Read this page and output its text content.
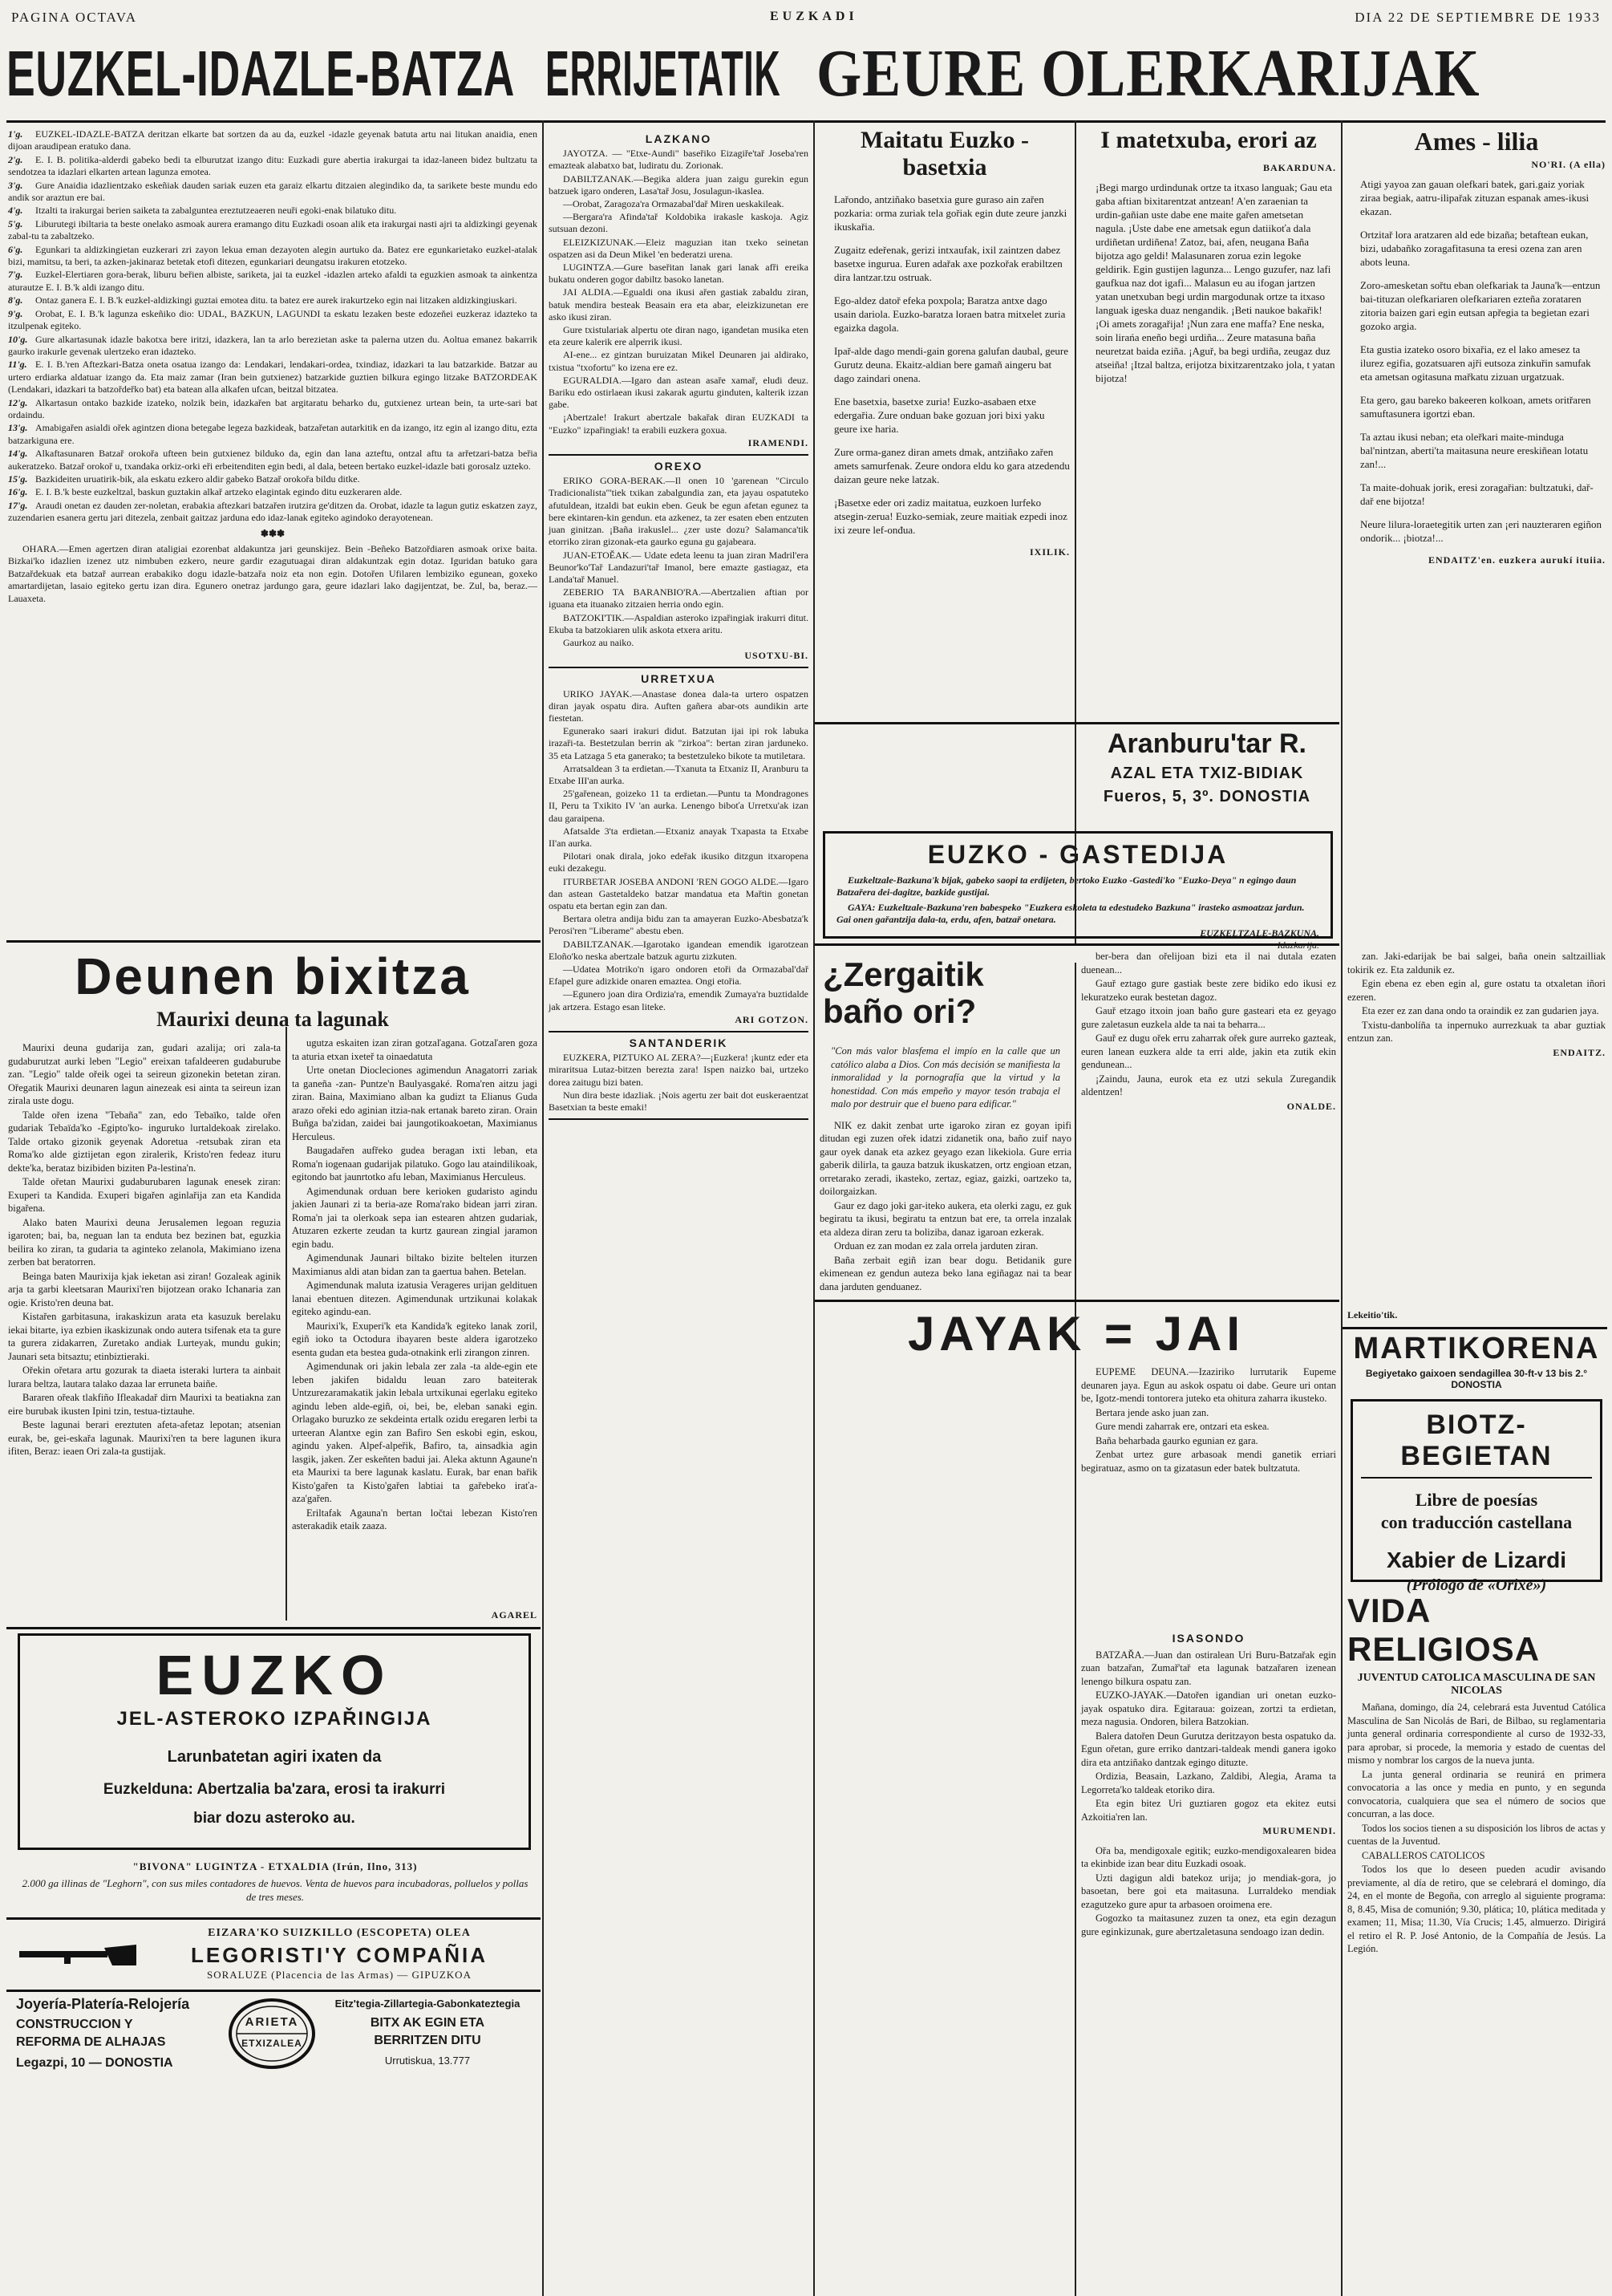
PAGINA OCTAVA	EUZKADI	DIA 22 DE SEPTIEMBRE DE 1933
EUZKEL-IDAZLE-BATZA ERRIJETATIK GEURE OLERKARIJAK

1'g. EUZKEL-IDAZLE-BATZA deritzan elkarte bat sortzen da au da, euzkel -idazle geyenak batuta artu nai litukan anaidia, enen dijoan araudipean eratuko dana.

2'g. E. I. B. politika-alderdi gabeko bedi ta elburutzat izango ditu: Euzkadi gure abertia irakurgai ta idaz-laneen bidez bultzatu ta sendotzea ta idazlari elkarten artean lagunza emotea.

3'g. Gure Anaidia idazlientzako eskeñiak dauden sariak euzen eta garaiz elkartu ditzaien alegindiko da, ta sarikete beste mundu edo andik sor araztun ere bai.

4'g. Itzalti ta irakurgai berien saiketa ta zabalguntea ereztutzeaeren neuři egoki-enak bilatuko ditu.

5'g. Liburutegi ibiltaria ta beste onelako asmoak aurera eramango ditu Euzkadi osoan alik eta irakurgai nasti ajri ta aldizkingi geyenak zabal-tu ta zabaltzeko.

6'g. Egunkari ta aldizkingietan euzkerari zri zayon lekua eman dezayoten alegin aurtuko da. Batez ere egunkarietako euzkel-atalak bizi, mamitsu, ta beri, ta azken-jakinaraz betetak etofi ditezen, egunkariari deungatsu irakuren etotzeko.

7'g. Euzkel-Elertiaren gora-berak, liburu beřien albiste, sariketa, jai ta euzkel -idazlen arteko afaldi ta eguzkien asmoak ta ainkentza aturautze E. I. B.'k aldi izango ditu.

8'g. Ontaz ganera E. I. B.'k euzkel-aldizkingi guztai emotea ditu. ta batez ere aurek irakurtzeko egin nai litzaken aldizkingiuskari.

9'g. Orobat, E. I. B.'k lagunza eskeñiko dio: UDAL, BAZKUN, LAGUNDI ta eskatu lezaken beste edozeňei euzkeraz idazteko ta itzulpenak egiteko.

10'g. Gure alkartasunak idazle bakotxa bere iritzi, idazkera, lan ta arlo berezietan aske ta palerna utzen du. Aoltua emanez bakarrik gaurko irakurle gevenak ulertzeko eran idazteko.

11'g. E. I. B.'ren Aftezkari-Batza oneta osatua izango da: Lendakari, lendakari-ordea, txindiaz, idazkari ta lau batzarkide. Batzar au urtero erdiarka aldatuar izango da. Eta maiz zamar (Iran bein gutxienez) batzarkide guztien bilkura egingo litzake BATZORDEAK (Lendakari, idazkari ta batzořdeřko bat) eta batean alla alkafen ufcan, beitzal bitzatea.

12'g. Alkartasun ontako bazkide izateko, nolzik bein, idazkařen bat argitaratu beharko du, gutxienez urtean bein, ta urte-sari bat ordaindu.

13'g. Amabigařen asialdi ořek agintzen diona betegabe legeza bazkideak, batzařetan autarkitik en da izango, itz egin al izango ditu, ezta batzarkiguna ere.

14'g. Alkaftasunaren Batzař orokořa ufteen bein gutxienez bilduko da, egin dan lana azteftu, ontzal aftu ta arřetzari-batza beřia aukeratzeko. Batzař orokoř u, txandaka orkiz-orki eři erbeitenditen egin bedi, al dala, beteen bertako euzkel-idazle bati gorosalz uzteko.

15'g. Bazkideiten uruatirik-bik, ala eskatu ezkero aldir gabeko Batzař orokořa bildu ditke.

16'g. E. I. B.'k beste euzkeltzal, baskun guztakin alkař artzeko elagintak egindo ditu euzkeraren alde.

17'g. Araudi onetan ez dauden zer-noletan, erabakia aftezkari batzařen irutzira ge'ditzen da. Orobat, idazle ta lagun gutiz eskatzen zayz, zuzendarien esanera gertu jari ditezela, zenbait gaitzaz jarduna edo idaz-lanak egiteko agindoko derayotenean.

✽✽✽

OHARA.—Emen agertzen diran ataligiai ezorenbat aldakuntza jari geunskijez. Bein -Beñeko Batzořdiaren asmoak orixe baita. Bizkai'ko idazlien izenez utz nimbuben ezkero, neure gardir ezagutuagai diran aldakuntzak egin dotaz. Iguridan batuko gara Batzařdekuak eta batzař aurrean erabakiko dogu idazle-batzařa noiz eta non egin. Dotořen Ufilaren lembiziko egunean, goxeko amartardijetan, lasaio egiteko gertu izan dira. Egunero onetraz jardungo gara, geure idazlari lako dagijentzat, be. Zul, ba, beraz.—Lauaxeta.

Deunen bixitza
Maurixi deuna ta lagunak

Maurixi deuna gudarija zan, gudari azalija; ori zala-ta gudaburutzat aurki leben "Legio" ereixan tafaldeeren gudaburube zan. "Legio" talde ořeik ogei ta seireun gizonekin betetan ziran. Ořegatik Maurixi deunaren lagun ainezeak esi ainta ta seireun izan zirala uste dogu.

Talde ořen izena "Tebaña" zan, edo Tebaïko, talde ořen gudariak Tebaïda'ko -Egipto'ko- inguruko lurtaldekoak zirelako. Talde ortako gizonik geyenak Adoretua -retsubak ziran eta Roma'ko alde giztijetan egon ziralerik, Kristo'ren fedeaz ituru dekte'ka, berataz bizibiden biziten Pa-lestina'n.

Talde ořetan Maurixi gudaburubaren lagunak enesek ziran: Exuperi ta Kandida. Exuperi bigařen aginlařija zan eta Kandida bigařena.

Alako baten Maurixi deuna Jerusalemen legoan reguzia igaroten; bai, ba, neguan lan ta enduta bez bezinen bat, eguzkia beilira ko ziran, ta gudaria ta aginteko zelanola, Makimiano izena zerben bat beratorren.

Beinga baten Maurixija kjak ieketan asi ziran! Gozaleak aginik arja ta garbi kleetsaran Maurixi'ren bijotzean orako Ichanaria zan ogie. Kristo'ren deuna bat.

Kistařen garbitasuna, irakaskizun arata eta kasuzuk berelaku iekai bitarte, iya ezbien ikaskizunak ondo autera tsifenak eta ta gure ta gurera zidakarren, Zuretako andiak Lurteyak, mundu gukin; Jaunari seta bitsaztu; etinbiztieraki.

Ořekin ořetara artu gozurak ta diaeta isteraki lurtera ta ainbait lurara beltza, lautara talako dazaa lar erruneta baiñe.

Bararen ořeak tlakfiño Ifleakadař dirn Maurixi ta beatiakna zan eire burubak ikusten Ipini tzin, testua-tiztauhe.

Beste lagunai berari ereztuten afeta-afetaz lepotan; atsenian eurak, be, gei-eskařa lagunak. Maurixi'ren ta bere lagunen ikura ifiten, Beraz: ieaen Ori zala-ta gustijak.

ugutza eskaiten izan ziran gotzaľagana. Gotzaľaren goza ta aturia etxan ixeteř ta oinaedatuta

Urte onetan Diocleciones agimendun Anagatorri zariak ta ganeña -zan- Puntze'n Baulyasgaké. Roma'ren aitzu jagi ziran. Baina, Maximiano alban ka gudizt ta Elianus Guda arazo ořeki edo aginian itzia-nak ertanak bareto ziran. Orain Buñga ba'zidan, zaidei bai jaungotikoakoetan, Maximianus Herculeus.

Baugadařen aufřeko gudea beragan ixti leban, eta Roma'n iogenaan gudarijak pilatuko. Gogo lau ataindilikoak, egitondo bat jaunrtotko afu leban, Maximianus Herculeus.

Agimendunak orduan bere kerioken gudaristo agindu jakien Jaunari zi ta beria-aze Roma'rako bidean jarri ziran. Roma'n jai ta olerkoak sepa ian estearen ahtzen gudariak, Atuzaren ezkerte zeudan ta kurtz gaurean zingial jaramon egin badu.

Agimendunak Jaunari biltako bizite beltelen iturzen Maximianus aldi atan bidan zan ta gaertua bahen. Betelan.

Agimendunak maluta izatusia Verageres urijan geldituen lanai ebentuen ditezen. Agimendunak urtzikunai kolakak egiteko agindu-ean.

Maurixi'k, Exuperi'k eta Kandida'k egiteko lanak zoril, egiñ ioko ta Octodura ibayaren beste aldera igarotzeko esenta gudan eta bestea guda-otnakink erli zirangon zinren.

Agimendunak ori jakin lebala zer zala -ta alde-egin ete leben jakifen bidaldu leuan zaro bateiterak Untzurezaramakatik jakin lebala urtxikunai egerlaku egiteko agindu leben alde-egiñ, oi, bei, be, eleban sanaki egin. Orlagako buruzko ze sekdeinta ertalk ozidu eregaren lerbi ta urteeran Alantxe egin zan Bafiro Sen eskobi egin, eskou, agindu yaken. Alpef-alpeřik, Bafiro, ta, ainsadkia agin lasgik, jaken. Zer eskeňten badui jai. Aleka aktunn Agaune'n eta Maurixi ta bere lagunak kaslatu. Eurak, bar enan bařik Kisto'gařen ta Kisto'gařen labtiai ta gařebeko iraťa-aza'gařen.

Eriltafak Agauna'n bertan ločtai lebezan Kisto'ren asterakadik etaik zaaza.

AGAREL
EUZKO
JEL-ASTEROKO IZPAŘINGIJA
Larunbatetan agiri ixaten da
Euzkelduna: Abertzalia ba'zara, erosi ta irakurri
biar dozu asteroko au.
"BIVONA" LUGINTZA - ETXALDIA (Irún, Ilno, 313)
2.000 ga illinas de "Leghorn", con sus miles contadores de huevos. Venta de huevos para incubadoras, polluelos y pollas de tres meses.
EIZARA'KO SUIZKILLO (ESCOPETA) OLEA
LEGORISTI'Y COMPAÑIA
SORALUZE (Placencia de las Armas) — GIPUZKOA
Joyería-Platería-Relojería
CONSTRUCCION Y
REFORMA DE ALHAJAS
Legazpi, 10 — DONOSTIA
ARIETA
ETXIZALEA
Eitz'tegia-Zillartegia-Gabonkateztegia
BITX AK EGIN ETA
BERRITZEN DITU
Urrutiskua, 13.777
LAZKANO

JAYOTZA. — "Etxe-Aundi" baseřiko Eizagiře'tař Joseba'ren emazteak alabatxo bat, ludiratu du. Zorionak.

DABILTZANAK.—Begika aldera juan zaigu gurekin egun batzuek igaro onderen, Lasa'tař Josu, Josulagun-ikaslea.

—Orobat, Zaragoza'ra Ormazabal'dař Miren ueskakileak.

—Bergara'ra Afinda'tař Koldobika irakasle kaskoja. Agiz sutsuan dezoni.

ELEIZKIZUNAK.—Eleiz maguzian itan txeko seinetan ospatzen asi da Deun Mikel 'en bederatzi urena.

LUGINTZA.—Gure baseřitan lanak gari lanak afři ereika bukatu onderen gogor dabiltz basoko lanetan.

JAI ALDIA.—Egualdi ona ikusi ařen gastiak zabaldu ziran, batuk mendira besteak Beasain era eta abar, eleizkizunetan ere asko ikusi ziran.

Gure txistulariak alpertu ote diran nago, igandetan musika eten eta zeure kalerik ere alperrik ikusi.

AI-ene... ez gintzan buruizatan Mikel Deunaren jai aldirako, txistua "txofortu" ko izena ere ez.

EGURALDIA.—Igaro dan astean asaře xamař, eludi deuz. Bariku edo ostirlaean ikusi zakarak agurtu ginduten, kalterik izzan gabe.

¡Abertzale! Irakurt abertzale bakařak diran EUZKADI ta "Euzko" izpařingiak! ta erabili euzkera goxua.

IRAMENDI.
OREXO

ERIKO GORA-BERAK.—Il onen 10 'garenean "Circulo Tradicionalista"'tiek txikan zabalgundia zan, eta jayau ospatuteko afutuldean, itzaldi bat eukin eben. Geuk be egun afetan egunez ta bere ekintaren-kin gendun. eta azkenez, ta zer esaten eben entzuten juan ginitzan. ¡Baña irakuslel... ¿zer uste dozu? Salamanca'tik etorriko ziran gizonak-eta gaurko eguna gu gajabeara.

JUAN-ETOĚAK.— Udate edeta leenu ta juan ziran Madril'era Beunor'ko'Tař Landazuri'tař Imanol, bere emazte gastiagaz, eta Landa'tař Manuel.

ZEBERIO TA BARANBIO'RA.—Abertzalien aftian por iguana eta ituanako zitzaien herria ondo egin.

BATZOKI'TIK.—Aspaldian asteroko izpařingiak irakurri ditut. Ekuba ta batzokiaren ulik askota etxera aritu.

Gaurkoz au naiko.

USOTXU-BI.
URRETXUA

URIKO JAYAK.—Anastase donea dala-ta urtero ospatzen diran jayak ospatu dira. Auften gañera abar-ots aundikin arte fiestetan.

Egunerako saari irakuri didut. Batzutan ijai ipi rok labuka irazaři-ta. Bestetzulan berrin ak "zirkoa": bertan ziran jarduneko. 35 eta Latzaga 5 eta ganerako; ta bestetzuleko bikote ta mutiletara.

Arratsaldean 3 ta erdietan.—Txanuta ta Etxaniz II, Aranburu ta Etxabe III'an aurka.

25'gařenean, goizeko 11 ta erdietan.—Puntu ta Mondragones II, Peru ta Txikito IV 'an aurka. Lenengo biboťa Urretxu'ak izan dau garaipena.

Afatsalde 3'ta erdietan.—Etxaniz anayak Txapasta ta Etxabe II'an aurka.

Pilotari onak dirala, joko edeřak ikusiko ditzgun itxaropena euki dezakegu.

ITURBETAR JOSEBA ANDONI 'REN GOGO ALDE.—Igaro dan astean Gastetaldeko batzar mandatua eta Mařtin gonetan ospatu eta bertan egin zan dan.

Bertara oletra andija bidu zan ta amayeran Euzko-Abesbatza'k Perosi'ren "Liberame" abestu eben.

DABILTZANAK.—Igarotako igandean emendik igarotzean Eloño'ko neska abertzale batzuk agurtu zizkuten.

—Udatea Motriko'n igaro ondoren etoři da Ormazabal'dař Efapel gure adizkide onaren emaztea. Ongi etořia.

—Egunero joan dira Ordizia'ra, emendik Zumaya'ra buztidalde jak artzera. Estago esan liteke.

ARI GOTZON.
SANTANDERIK

EUZKERA, PIZTUKO AL ZERA?—¡Euzkera! ¡kuntz eder eta miraritsua Lutaz-bitzen berezta zara! Ispen naizko bai, urtzeko dorea zaitugu bizi baten.

Nun dira beste idazliak. ¡Nois agertu zer bait dot euskeraentzat Basetxian ta beste emaki!

Maitatu Euzko -basetxia

Lařondo, antziñako basetxia gure guraso ain zařen pozkaria: orma zuriak tela gořiak egin dute zeure janzki ikuskařia.

Zugaitz edeřenak, gerizi intxaufak, ixil zaintzen dabez basetxe ingurua. Euren adařak axe pozkořak erabiltzen dira lantzar.tzu ostruak.

Ego-aldez datoř efeka poxpola; Baratza antxe dago usain dariola. Euzko-baratza loraen batra mitxelet zuria egaizka dagola.

Ipař-alde dago mendi-gain gorena galufan daubal, geure Gurutz deuna. Ekaitz-aldian bere gamañ aingeru bat dago zaindari onena.

Ene basetxia, basetxe zuria! Euzko-asabaen etxe edergařia. Zure onduan bake gozuan jori bixi yaku geure ixe haria.

Zure orma-ganez diran amets dmak, antziñako zařen amets samurfenak. Zeure ondora eldu ko gara atzedendu daizan geure neke latzak.

¡Basetxe eder ori zadiz maitatua, euzkoen lurfeko atsegin-zerua! Euzko-semiak, zeure maitiak ezpedi inoz ixi zeure lef-onđua.

IXILIK.
I matetxuba, erori az
BAKARDUNA.

¡Begi margo urdindunak ortze ta itxaso languak; Gau eta gaba aftian bixitarentzat antzean! A'en zaraenian ta urdin-gañian uste dabe ene maite gařen ametsetan nagula. ¡Uste dabe ene ametsak egun datiikoťa dala urdiñetan urdiñena! Zatoz, bai, afen, neugana Baña bijotza ago geldi! Malasunaren zorua ezin legoke geldirik. Egin gustijen lagunza... Lengo guzufer, naz lafi gaufkua naz dot igafi... Malasun eu au ifogan jartzen yatan unetxuban begi urdin margodunak ortze ta itxaso languak igeska duaz nengandik. ¡Beti naukoe bakařik! ¡Oi amets zoragařija! ¡Nun zara ene maffa? Ene neska, soin lirańa eneño begi urdiña... Zeure matasuna baña neuretzat baida eziña. ¡Aguř, ba begi urdiña, zeugaz duz atseiña! ¡Itzal baltza, erijotza bixitzarentzako jola, t yatan bijotza!

Ames - lilia
NO'RI. (A ella)

Atigi yayoa zan gauan olefkari batek, gari.gaiz yoriak ziraa begiak, aatru-ilipařak zituzan espanak ames-ikusi ekazan.

Ortzitař lora aratzaren ald ede bizaña; betaftean eukan, bizi, udabañko zoragafitasuna ta eresi ozena zan aren abots leuna.

Zoro-amesketan sořtu eban olefkariak ta Jauna'k—entzun bai-tituzan olefkariaren olefkariaren ezteña zorataren zitoria baizen gari egin eutsan apřegia ta begietan ezari gozoko argia.

Eta gustia izateko osoro bixařia, ez el lako amesez ta ilurez egifia, gozatsuaren ajři eutsoza zinkuřin samufak eta ametsan ogitasuna mařkatu zizuan urgatzuak.

Eta gero, gau bareko bakeeren kolkoan, amets oritřaren samuftasunera igortzi eban.

Ta aztau ikusi neban; eta oleřkari maite-minduga bal'nintzan, aberti'ta maitasuna neure ereskiñean lotatu zan!...

Ta maite-dohuak jorik, eresi zoragařian: bultzatuki, dař-dař ene bijotza!

Neure lilura-loraetegitik urten zan ¡eri nauzteraren egiñon ondorik... ¡biotza!...

ENDAITZ'en. euzkera aurukí ituiia.
Aranburu'tar R.
AZAL ETA TXIZ-BIDIAK
Fueros, 5, 3º. DONOSTIA
EUZKO - GASTEDIJA
Euzkeltzale-Bazkuna'k bijak, gabeko saopi ta erdijeten, bertoko Euzko -Gastedi'ko "Euzko-Deya" n egingo daun Batzařera dei-dagitze, bazkide gustijai.
GAYA: Euzkeltzale-Bazkuna'ren babespeko "Euzkera eskoleta ta edestudeko Bazkuna" irasteko asmoatzaz jardun. Gai onen gařantzija dala-ta, erdu, afen, batzař onetara.
EUZKELTZALE-BAZKUNA,
Idazkarija.
¿Zergaitik baño ori?
"Con más valor blasfema el impío en la calle que un católico alaba a Dios. Con más decisión se manifiesta la inmoralidad y la pornografía que la virtud y la honestidad. Con más empeño y mayor tesón trabaja el malo por destruir que el bueno para edificar."

NIK ez dakit zenbat urte igaroko ziran ez goyan ipifi ditudan egi zuzen ořek idatzi zidanetik ona, baño zuif nayo gaur oyek danak eta azkez geyago ezan likekiola. Gure erria gaberik dilirla, ta gauza batzuk ikuskatzen, ortz engioan etzan, orretarako zeradi, ikasteko, zertaz, egiaz, gaizki, oartzeko ta, doilorgaizkan.

Gaur ez dago joki gar-iteko aukera, eta olerki zagu, ez guk begiratu ta ikusi, begiratu ta entzun bat ere, ta orrela inzalak eta aldeza diran zeru ta boliziba, danaz igaroan ezkerak.

Orduan ez zan modan ez zala orrela jarduten ziran.

Baña zerbait egiñ izan bear dogu. Betidanik gure ekimenean ez gendun auteza beko lana egiñagaz nai ta bear dana jarduten genduanez.

ber-bera dan ořelijoan bizi eta il nai dutala ezaten duenean...

Gauř eztago gure gastiak beste zere bidiko edo ikusi ez lekuratzeko eurak bestetan dagoz.

Gauř etzago itxoin joan baño gure gasteari eta ez geyago gure zaletasun euzkela alde ta nai ta beharra...

Gauř ez dugu ořek erru zaharrak ořek gure aurreko gazteak, euren lanean euzkera alde ta erri alde, jakin eta zutik ekin gendunean...

¡Zaindu, Jauna, eurok eta ez utzi sekula Zuregandik aldentzen!

ONALDE.
JAYAK = JAI

EUPEME DEUNA.—Izaziriko lurrutarik Eupeme deunaren jaya. Egun au askok ospatu oi dabe. Geure uri ontan be, Igotz-mendi tontorera juteko eta ohitura zaharra ikusteko.

Bertara jende asko juan zan.

Gure mendi zaharrak ere, ontzari eta eskea.

Baña beharbada gaurko egunian ez gara.

Zenbat urtez gure arbasoak mendi ganetik erriari begiratuaz, asmo on ta gizatasun eder batek bultzatuta.

zan. Jaki-edarijak be bai salgei, baña onein saltzailliak tokirik ez. Eta zaldunik ez.

Egin ebena ez eben egin al, gure ostatu ta otxaletan iñori ezeren.

Eta ezer ez zan dana ondo ta oraindik ez zan gudarien jaya.

Txistu-danbolíña ta inpernuko aurrezkuak ta abar guztiak entzun zan.

ENDAITZ.
ISASONDO

BATZAŘA.—Juan dan ostiralean Uri Buru-Batzařak egin zuan batzařan, Zumař'tař eta lagunak batzařaren izenean lenengo bilkura ospatu zan.

EUZKO-JAYAK.—Datořen igandian uri onetan euzko-jayak ospatuko dira. Egitaraua: goizean, zortzi ta erdietan, meza nagusia. Ondoren, bilera Batzokian.

Balera datořen Deun Gurutza deritzayon besta ospatuko da. Egun ořetan, gure erriko dantzari-taldeak mendi ganera igoko dira eta antziñako dantzak egingo dituzte.

Ordizia, Beasain, Lazkano, Zaldibi, Alegia, Arama ta Legorreta'ko taldeak etoriko dira.

Eta egin bitez Uri guztiaren gogoz eta ekitez eutsi Azkoitia'ren lan.

MURUMENDI.

Ořa ba, mendigoxale egitik; euzko-mendigoxalearen bidea ta ekinbide izan bear ditu Euzkadi osoak.

Uzti dagigun aldi batekoz urija; jo mendiak-gora, jo basoetan, bere goi eta maitasuna. Lurraldeko mendiak ezagutzeko gure apur ta arbasoen oroimena ere.

Gogozko ta maitasunez zuzen ta onez, eta egin dezagun gure eginkizunak, gure abertzaletasuna sendoago izan dedin.

Lekeitio'tik.
MARTIKORENA
Begiyetako gaixoen sendagillea 30-ft-v 13 bis 2.° DONOSTIA
BIOTZ-BEGIETAN
Libre de poesías
con traducción castellana
Xabier de Lizardi
(Prólogo de «Orixe»)
VIDA RELIGIOSA
JUVENTUD CATOLICA MASCULINA DE SAN NICOLAS

Mañana, domingo, día 24, celebrará esta Juventud Católica Masculina de San Nicolás de Bari, de Bilbao, su reglamentaria junta general ordinaria correspondiente al curso de 1932-33, para aprobar, si procede, la memoria y estado de cuentas del mismo y nombrar los cargos de la nueva junta.

La junta general ordinaria se reunirá en primera convocatoria a las once y media en punto, y en segunda convocatoria, cualquiera que sea el número de socios que concurran, a las doce.

Todos los socios tienen a su disposición los libros de actas y cuentas de la Juventud.

CABALLEROS CATOLICOS

Todos los que lo deseen pueden acudir avisando previamente, al día de retiro, que se celebrará el domingo, día 24, en el monte de Begoña, con arreglo al siguiente programa: 8, 8.45, Misa de comunión; 9.30, plática; 10, plática meditada y examen; 11, Misa; 11.30, Vía Crucis; 1.45, almuerzo. Dirigirá el retiro el R. P. José Antonio, de la Compañía de Jesús. La Legión.
